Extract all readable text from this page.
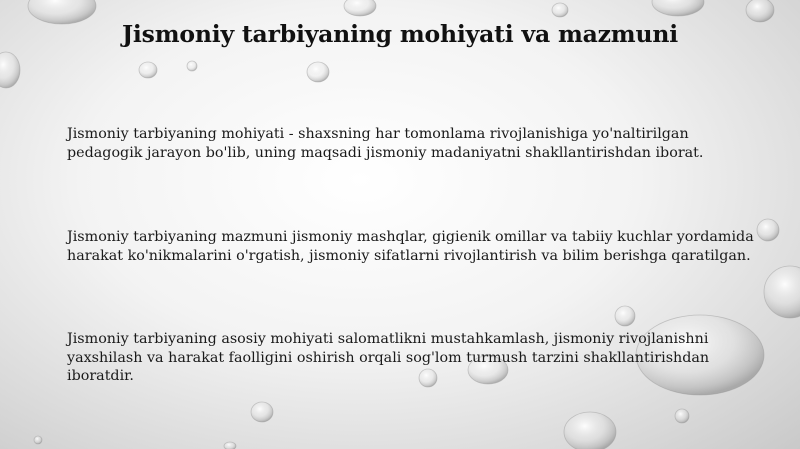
Jismoniy tarbiyaning mohiyati va mazmuni
Jismoniy tarbiyaning mohiyati - shaxsning har tomonlama rivojlanishiga yo'naltirilgan pedagogik jarayon bo'lib, uning maqsadi jismoniy madaniyatni shakllantirishdan iborat.
Jismoniy tarbiyaning mazmuni jismoniy mashqlar, gigienik omillar va tabiiy kuchlar yordamida harakat ko'nikmalarini o'rgatish, jismoniy sifatlarni rivojlantirish va bilim berishga qaratilgan.
Jismoniy tarbiyaning asosiy mohiyati salomatlikni mustahkamlash, jismoniy rivojlanishni yaxshilash va harakat faolligini oshirish orqali sog'lom turmush tarzini shakllantirishdan iboratdir.
